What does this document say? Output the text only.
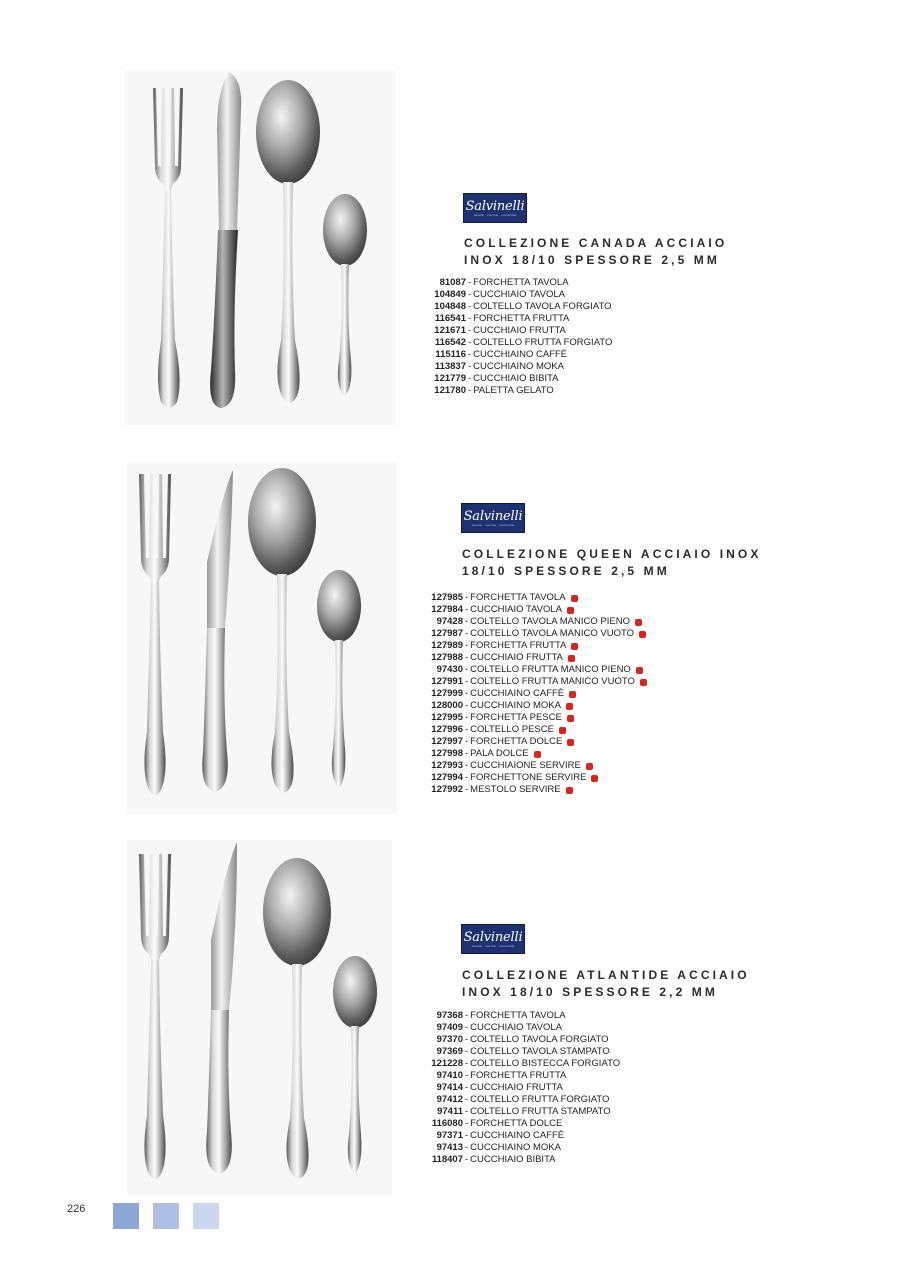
Salvinelli
tavola · cucina · comunità
COLLEZIONE CANADA ACCIAIO
INOX 18/10 SPESSORE 2,5 MM
81087 - FORCHETTA TAVOLA
104849 - CUCCHIAIO TAVOLA
104848 - COLTELLO TAVOLA FORGIATO
116541 - FORCHETTA FRUTTA
121671 - CUCCHIAIO FRUTTA
116542 - COLTELLO FRUTTA FORGIATO
115116 - CUCCHIAINO CAFFÈ
113837 - CUCCHIAINO MOKA
121779 - CUCCHIAIO BIBITA
121780 - PALETTA GELATO
Salvinelli
tavola · cucina · comunità
COLLEZIONE QUEEN ACCIAIO INOX
18/10 SPESSORE 2,5 MM
127985 - FORCHETTA TAVOLA
127984 - CUCCHIAIO TAVOLA
97428 - COLTELLO TAVOLA MANICO PIENO
127987 - COLTELLO TAVOLA MANICO VUOTO
127989 - FORCHETTA FRUTTA
127988 - CUCCHIAIO FRUTTA
97430 - COLTELLO FRUTTA MANICO PIENO
127991 - COLTELLO FRUTTA MANICO VUOTO
127999 - CUCCHIAINO CAFFÈ
128000 - CUCCHIAINO MOKA
127995 - FORCHETTA PESCE
127996 - COLTELLO PESCE
127997 - FORCHETTA DOLCE
127998 - PALA DOLCE
127993 - CUCCHIAIONE SERVIRE
127994 - FORCHETTONE SERVIRE
127992 - MESTOLO SERVIRE
Salvinelli
tavola · cucina · comunità
COLLEZIONE ATLANTIDE ACCIAIO
INOX 18/10 SPESSORE 2,2 MM
97368 - FORCHETTA TAVOLA
97409 - CUCCHIAIO TAVOLA
97370 - COLTELLO TAVOLA FORGIATO
97369 - COLTELLO TAVOLA STAMPATO
121228 - COLTELLO BISTECCA FORGIATO
97410 - FORCHETTA FRUTTA
97414 - CUCCHIAIO FRUTTA
97412 - COLTELLO FRUTTA FORGIATO
97411 - COLTELLO FRUTTA STAMPATO
116080 - FORCHETTA DOLCE
97371 - CUCCHIAINO CAFFÈ
97413 - CUCCHIAINO MOKA
118407 - CUCCHIAIO BIBITA
226
